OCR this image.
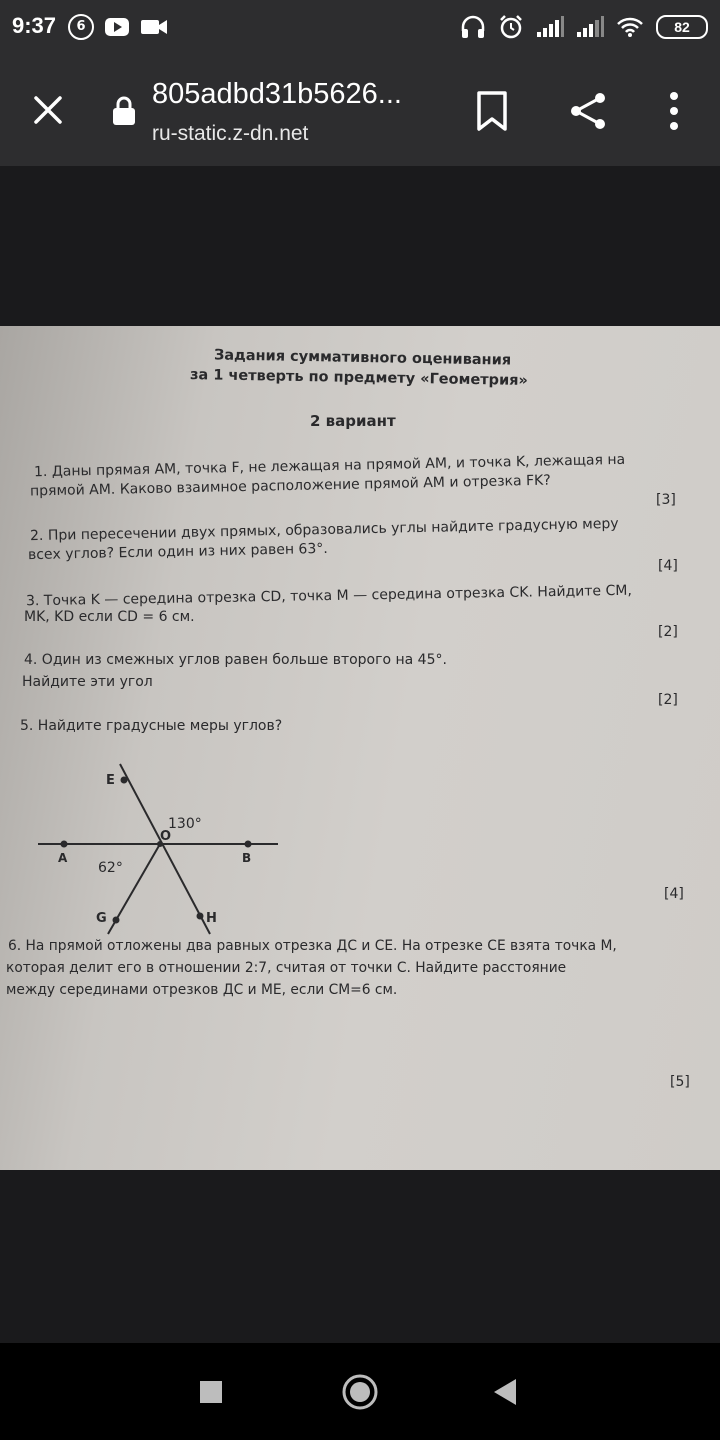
9:37	6	82
805adbd31b5626...
ru-static.z-dn.net
Задания суммативного оценивания
за 1 четверть по предмету «Геометрия»
2 вариант
1. Даны прямая AM, точка F, не лежащая на прямой AM, и точка K, лежащая на
прямой AM. Каково взаимное расположение прямой AM и отрезка FK?
[3]
2. При пересечении двух прямых, образовались углы найдите градусную меру
всех углов? Если один из них равен 63°.
[4]
3. Точка K — середина отрезка CD, точка M — середина отрезка CK. Найдите CM,
MK, KD если CD = 6 см.
[2]
4. Один из смежных углов равен больше второго на 45°.
Найдите эти угол
[2]
5. Найдите градусные меры углов?
E
O
A	B
G	H
130°
62°
[4]
6. На прямой отложены два равных отрезка ДС и СЕ. На отрезке СЕ взята точка М,
которая делит его в отношении 2:7, считая от точки С. Найдите расстояние
между серединами отрезков ДС и МЕ, если СМ=6 см.
[5]
